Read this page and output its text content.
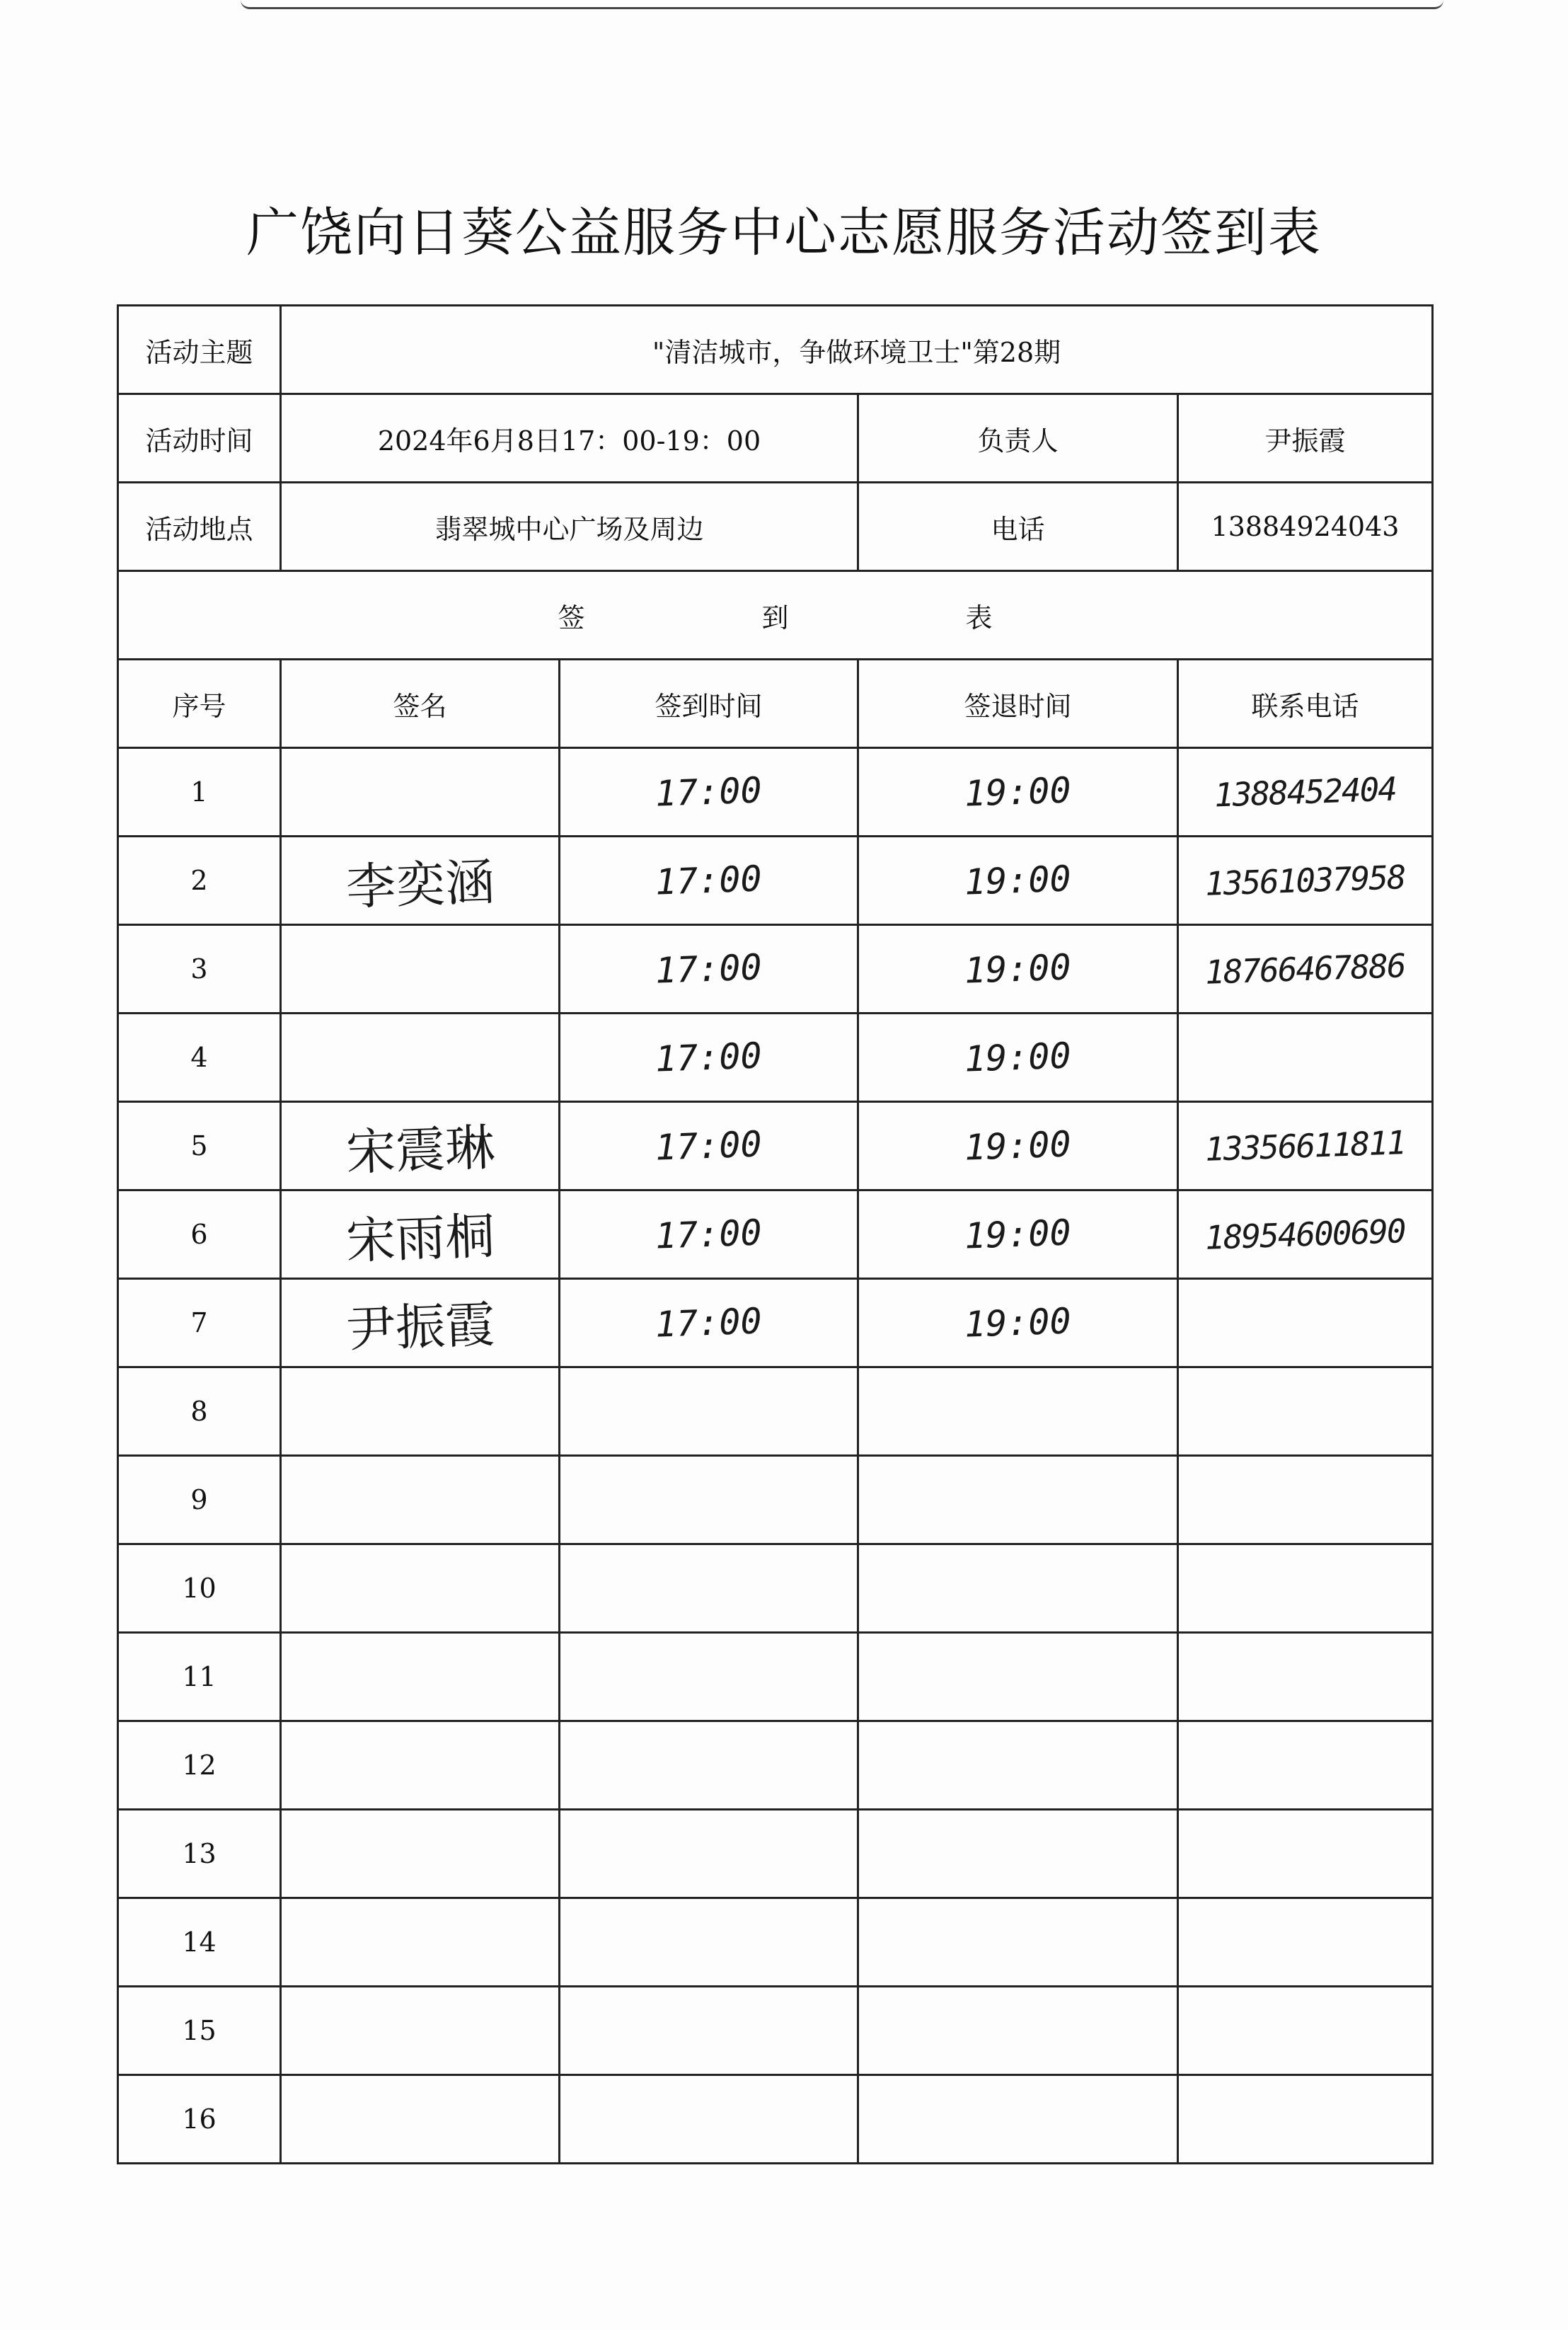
广饶向日葵公益服务中心志愿服务活动签到表
活动主题	"清洁城市，争做环境卫士"第28期			
活动时间	2024年6月8日17：00-19：00		负责人	尹振霞
活动地点	翡翠城中心广场及周边		电话	13884924043
签 到 表				
序号	签名	签到时间	签退时间	联系电话
1		17:00	19:00	1388452404
2	李奕涵	17:00	19:00	13561037958
3		17:00	19:00	18766467886
4		17:00	19:00	
5	宋震琳	17:00	19:00	13356611811
6	宋雨桐	17:00	19:00	18954600690
7	尹振霞	17:00	19:00	
8				
9				
10				
11				
12				
13				
14				
15				
16				
